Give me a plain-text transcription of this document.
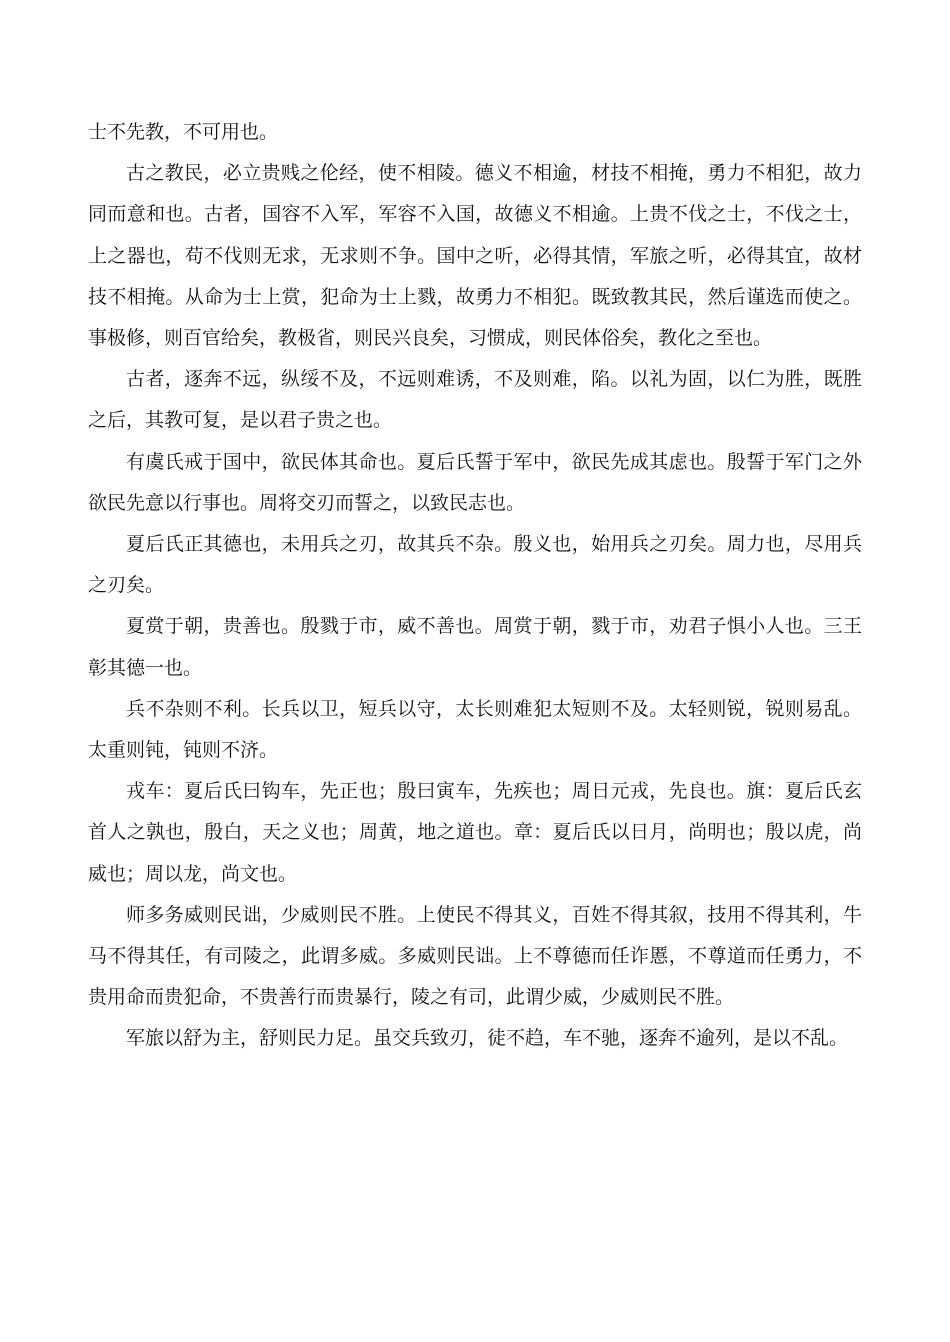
士不先教，不可用也。

古之教民，必立贵贱之伦经，使不相陵。德义不相逾，材技不相掩，勇力不相犯，故力同而意和也。古者，国容不入军，军容不入国，故德义不相逾。上贵不伐之士，不伐之士，上之器也，苟不伐则无求，无求则不争。国中之听，必得其情，军旅之听，必得其宜，故材技不相掩。从命为士上赏，犯命为士上戮，故勇力不相犯。既致教其民，然后谨选而使之。事极修，则百官给矣，教极省，则民兴良矣，习惯成，则民体俗矣，教化之至也。

古者，逐奔不远，纵绥不及，不远则难诱，不及则难，陷。以礼为固，以仁为胜，既胜之后，其教可复，是以君子贵之也。

有虞氏戒于国中，欲民体其命也。夏后氏誓于军中，欲民先成其虑也。殷誓于军门之外欲民先意以行事也。周将交刃而誓之，以致民志也。

夏后氏正其德也，未用兵之刃，故其兵不杂。殷义也，始用兵之刃矣。周力也，尽用兵之刃矣。

夏赏于朝，贵善也。殷戮于市，威不善也。周赏于朝，戮于市，劝君子惧小人也。三王彰其德一也。

兵不杂则不利。长兵以卫，短兵以守，太长则难犯太短则不及。太轻则锐，锐则易乱。太重则钝，钝则不济。

戎车：夏后氏曰钩车，先正也；殷曰寅车，先疾也；周日元戎，先良也。旗：夏后氏玄首人之孰也，殷白，天之义也；周黄，地之道也。章：夏后氏以日月，尚明也；殷以虎，尚威也；周以龙，尚文也。

师多务威则民诎，少威则民不胜。上使民不得其义，百姓不得其叙，技用不得其利，牛马不得其任，有司陵之，此谓多威。多威则民诎。上不尊德而任诈慝，不尊道而任勇力，不贵用命而贵犯命，不贵善行而贵暴行，陵之有司，此谓少威，少威则民不胜。

军旅以舒为主，舒则民力足。虽交兵致刃，徒不趋，车不驰，逐奔不逾列，是以不乱。
